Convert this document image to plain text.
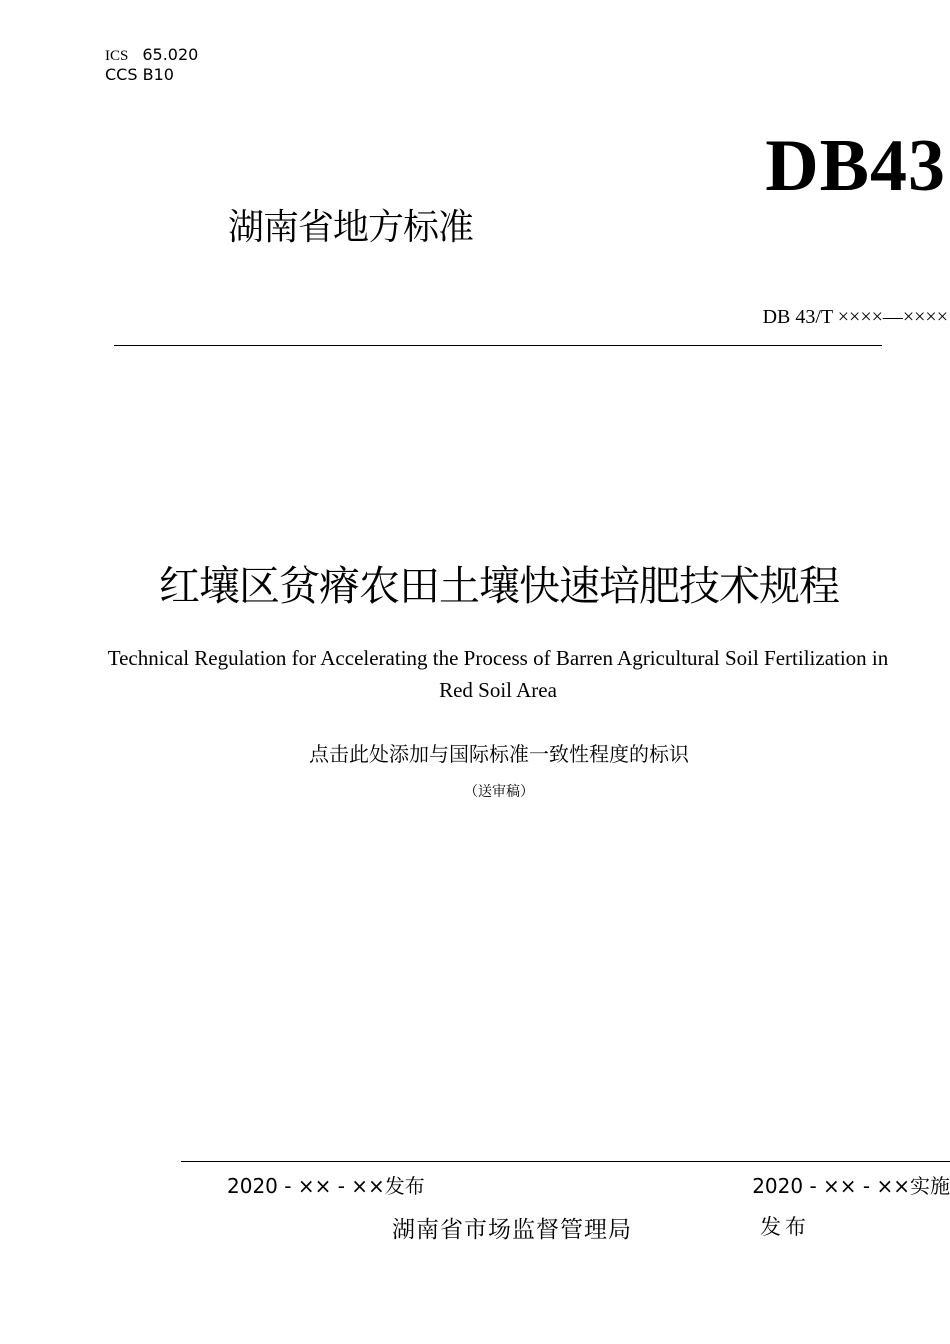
ICS 65.020
CCS B10
DB43
湖南省地方标准
DB 43/T ××××—××××
红壤区贫瘠农田土壤快速培肥技术规程
Technical Regulation for Accelerating the Process of Barren Agricultural Soil Fertilization in Red Soil Area
点击此处添加与国际标准一致性程度的标识
（送审稿）
2020 - ×× - ××发布	2020 - ×× - ××实施
湖南省市场监督管理局	发布
